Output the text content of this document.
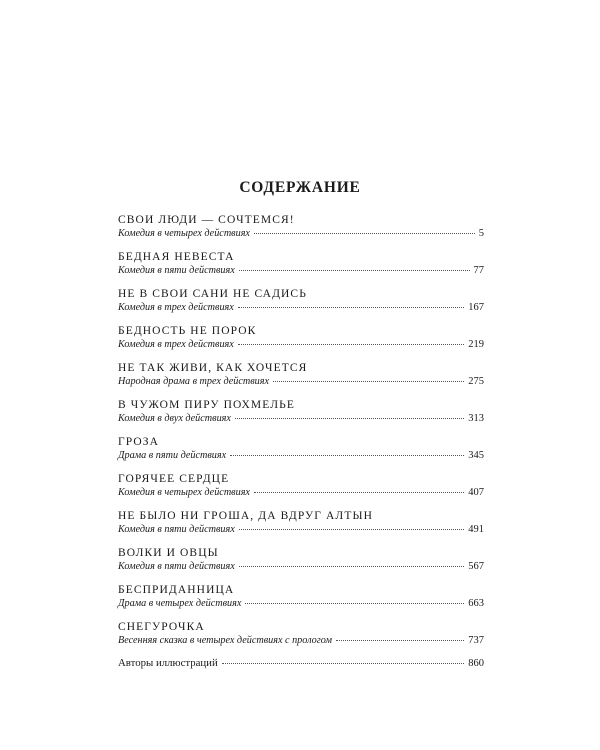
СОДЕРЖАНИЕ
СВОИ ЛЮДИ — СОЧТЕМСЯ!
Комедия в четырех действиях	5
БЕДНАЯ НЕВЕСТА
Комедия в пяти действиях	77
НЕ В СВОИ САНИ НЕ САДИСЬ
Комедия в трех действиях	167
БЕДНОСТЬ НЕ ПОРОК
Комедия в трех действиях	219
НЕ ТАК ЖИВИ, КАК ХОЧЕТСЯ
Народная драма в трех действиях	275
В ЧУЖОМ ПИРУ ПОХМЕЛЬЕ
Комедия в двух действиях	313
ГРОЗА
Драма в пяти действиях	345
ГОРЯЧЕЕ СЕРДЦЕ
Комедия в четырех действиях	407
НЕ БЫЛО НИ ГРОША, ДА ВДРУГ АЛТЫН
Комедия в пяти действиях	491
ВОЛКИ И ОВЦЫ
Комедия в пяти действиях	567
БЕСПРИДАННИЦА
Драма в четырех действиях	663
СНЕГУРОЧКА
Весенняя сказка в четырех действиях с прологом	737
Авторы иллюстраций	860
